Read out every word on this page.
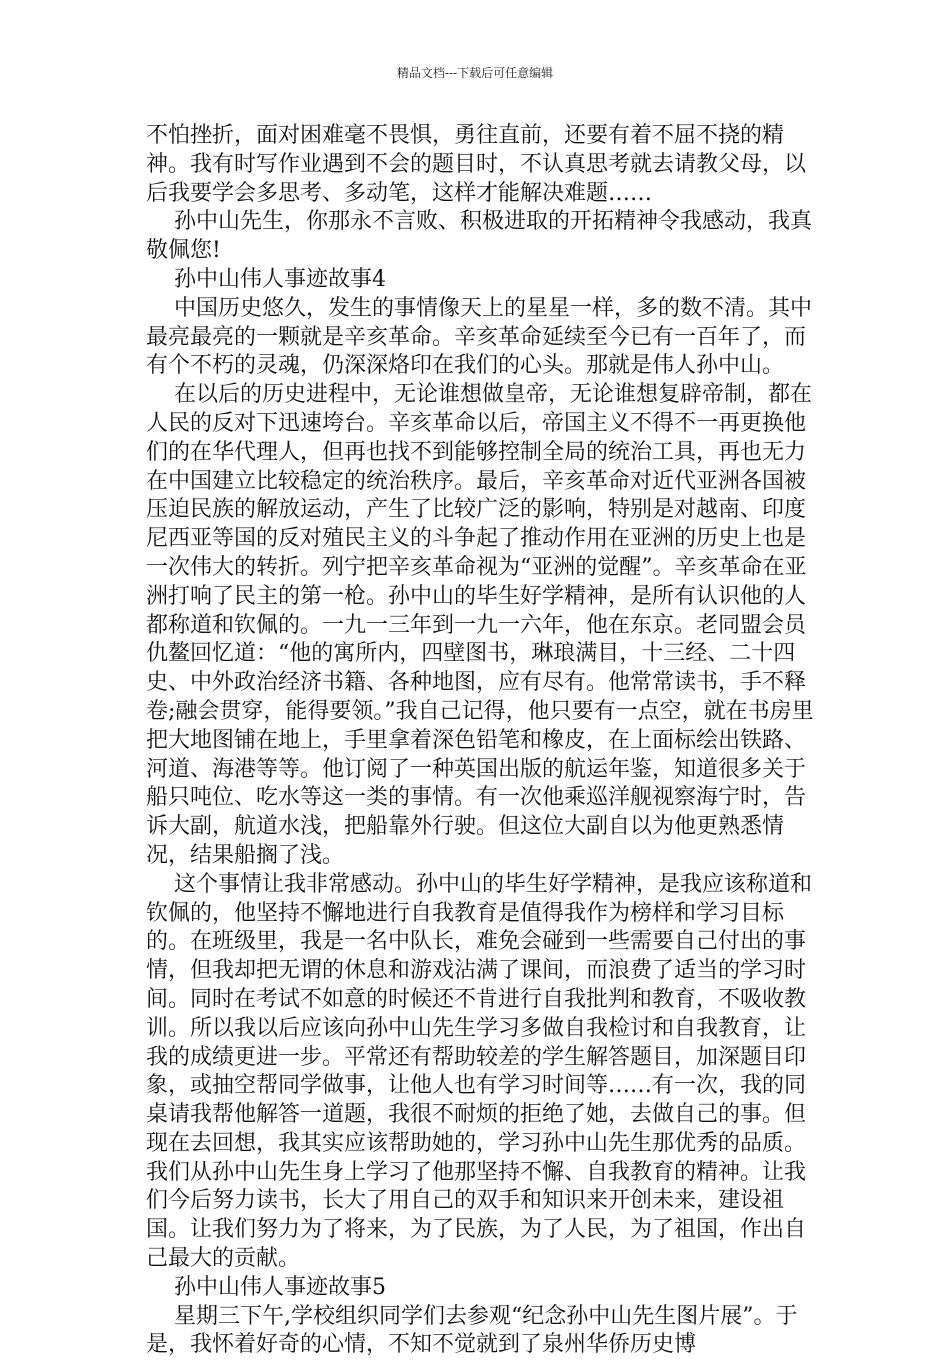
精品文档---下载后可任意编辑

不怕挫折，面对困难毫不畏惧，勇往直前，还要有着不屈不挠的精神。我有时写作业遇到不会的题目时，不认真思考就去请教父母，以后我要学会多思考、多动笔，这样才能解决难题……

孙中山先生，你那永不言败、积极进取的开拓精神令我感动，我真敬佩您!

孙中山伟人事迹故事4

中国历史悠久，发生的事情像天上的星星一样，多的数不清。其中最亮最亮的一颗就是辛亥革命。辛亥革命延续至今已有一百年了，而有个不朽的灵魂，仍深深烙印在我们的心头。那就是伟人孙中山。

在以后的历史进程中，无论谁想做皇帝，无论谁想复辟帝制，都在人民的反对下迅速垮台。辛亥革命以后，帝国主义不得不一再更换他们的在华代理人，但再也找不到能够控制全局的统治工具，再也无力在中国建立比较稳定的统治秩序。最后，辛亥革命对近代亚洲各国被压迫民族的解放运动，产生了比较广泛的影响，特别是对越南、印度尼西亚等国的反对殖民主义的斗争起了推动作用在亚洲的历史上也是一次伟大的转折。列宁把辛亥革命视为“亚洲的觉醒”。辛亥革命在亚洲打响了民主的第一枪。孙中山的毕生好学精神，是所有认识他的人都称道和钦佩的。一九一三年到一九一六年，他在东京。老同盟会员仇鳌回忆道：“他的寓所内，四壁图书，琳琅满目，十三经、二十四史、中外政治经济书籍、各种地图，应有尽有。他常常读书，手不释卷;融会贯穿，能得要领。”我自己记得，他只要有一点空，就在书房里把大地图铺在地上，手里拿着深色铅笔和橡皮，在上面标绘出铁路、河道、海港等等。他订阅了一种英国出版的航运年鉴，知道很多关于船只吨位、吃水等这一类的事情。有一次他乘巡洋舰视察海宁时，告诉大副，航道水浅，把船靠外行驶。但这位大副自以为他更熟悉情况，结果船搁了浅。

这个事情让我非常感动。孙中山的毕生好学精神，是我应该称道和钦佩的，他坚持不懈地进行自我教育是值得我作为榜样和学习目标的。在班级里，我是一名中队长，难免会碰到一些需要自己付出的事情，但我却把无谓的休息和游戏沾满了课间，而浪费了适当的学习时间。同时在考试不如意的时候还不肯进行自我批判和教育，不吸收教训。所以我以后应该向孙中山先生学习多做自我检讨和自我教育，让我的成绩更进一步。平常还有帮助较差的学生解答题目，加深题目印象，或抽空帮同学做事，让他人也有学习时间等……有一次，我的同桌请我帮他解答一道题，我很不耐烦的拒绝了她，去做自己的事。但现在去回想，我其实应该帮助她的，学习孙中山先生那优秀的品质。我们从孙中山先生身上学习了他那坚持不懈、自我教育的精神。让我们今后努力读书，长大了用自己的双手和知识来开创未来，建设祖国。让我们努力为了将来，为了民族，为了人民，为了祖国，作出自己最大的贡献。

孙中山伟人事迹故事5

星期三下午,学校组织同学们去参观“纪念孙中山先生图片展”。于是，我怀着好奇的心情，不知不觉就到了泉州华侨历史博
